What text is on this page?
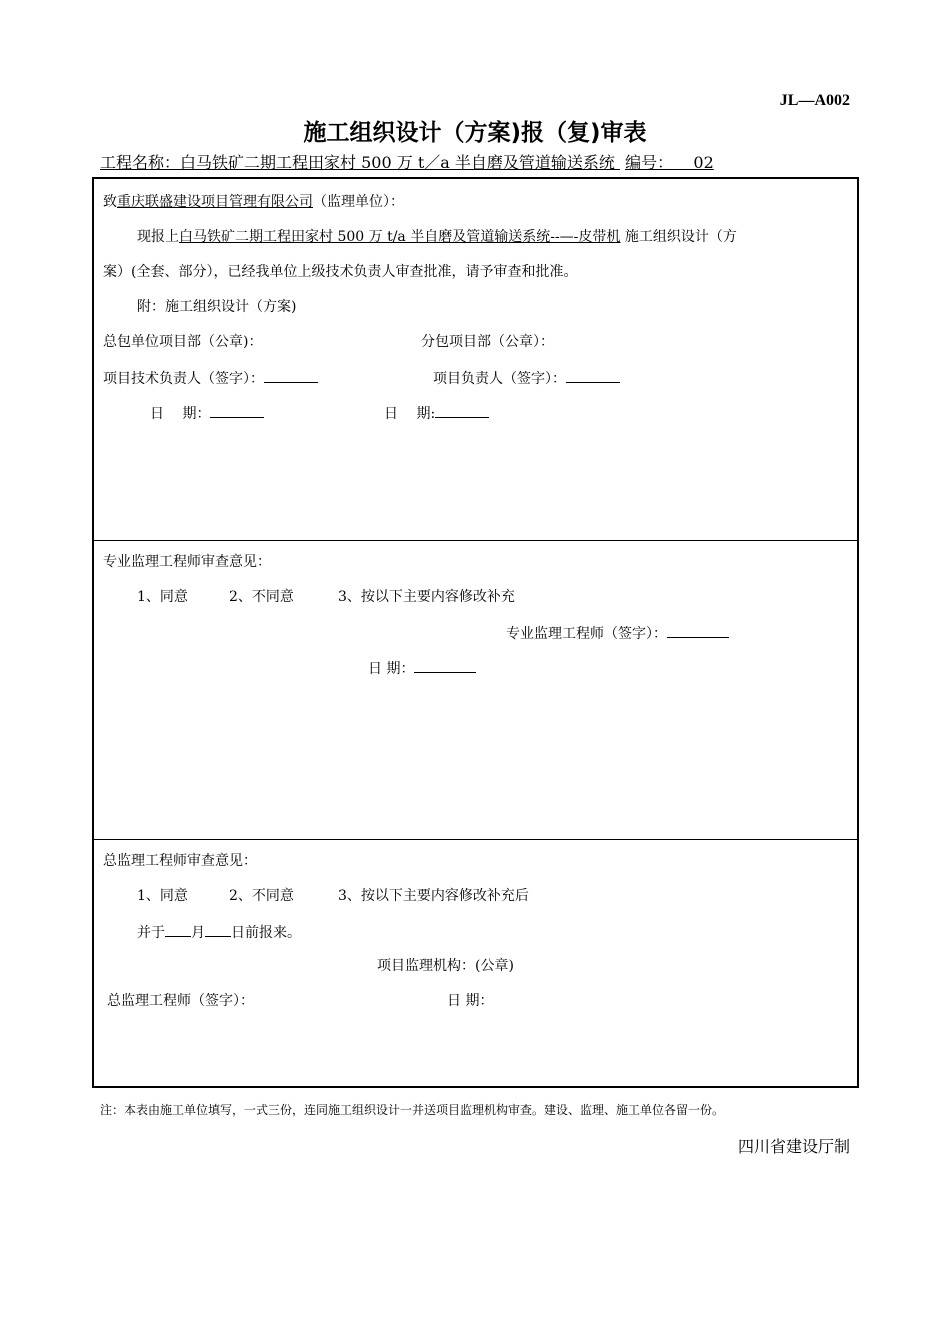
JL—A002
施工组织设计（方案)报（复)审表
工程名称：白马铁矿二期工程田家村 500 万 t／a 半自磨及管道输送系统  编号： 02
致重庆联盛建设项目管理有限公司（监理单位）：
现报上白马铁矿二期工程田家村 500 万 t/a 半自磨及管道输送系统--—-皮带机 施工组织设计（方
案）(全套、部分），已经我单位上级技术负责人审查批准，请予审查和批准。
附：施工组织设计（方案)
总包单位项目部（公章)：	分包项目部（公章）：
项目技术负责人（签字）：	项目负责人（签字）：
日　 期：	日　 期:
专业监理工程师审查意见：
1、同意	2、不同意	3、按以下主要内容修改补充
专业监理工程师（签字）：
日 期：
总监理工程师审查意见：
1、同意	2、不同意	3、按以下主要内容修改补充后
并于 月 日前报来。
项目监理机构：(公章)
总监理工程师（签字）：	日 期：
注：本表由施工单位填写，一式三份，连同施工组织设计一并送项目监理机构审查。建设、监理、施工单位各留一份。
四川省建设厅制
